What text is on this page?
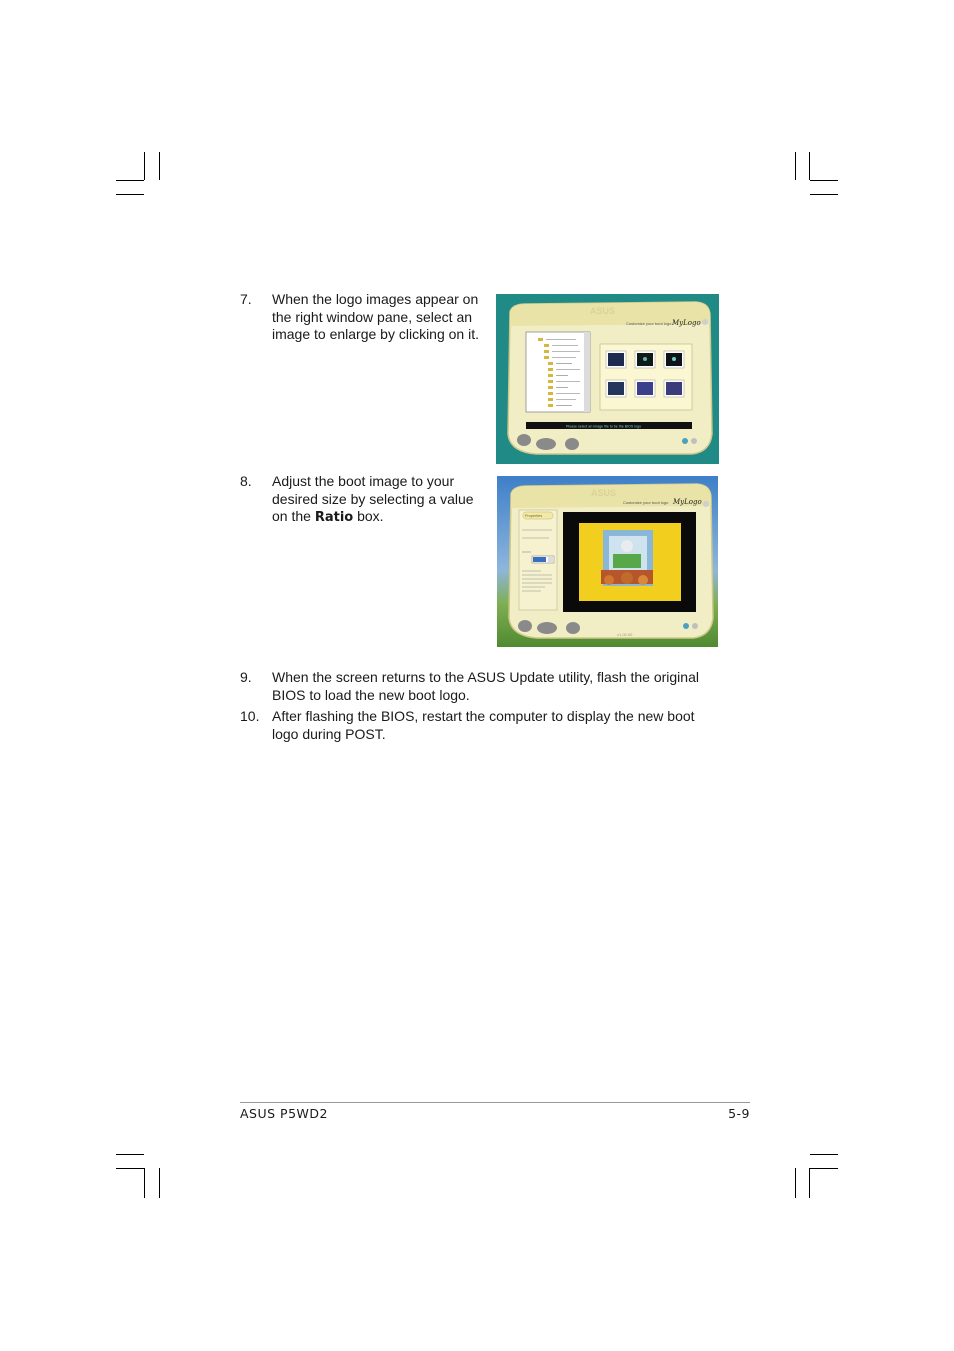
7. When the logo images appear on
the right window pane, select an
image to enlarge by clicking on it.
ASUS
Customize your boot logo MyLogo
Please select an image file to be the BIOS logo
8. Adjust the boot image to your
desired size by selecting a value
on the Ratio box.
ASUS
Customize your boot logo MyLogo
Properties
v1.00.00
9. When the screen returns to the ASUS Update utility, flash the original
BIOS to load the new boot logo.
10. After flashing the BIOS, restart the computer to display the new boot
logo during POST.
ASUS P5WD2	5-9
